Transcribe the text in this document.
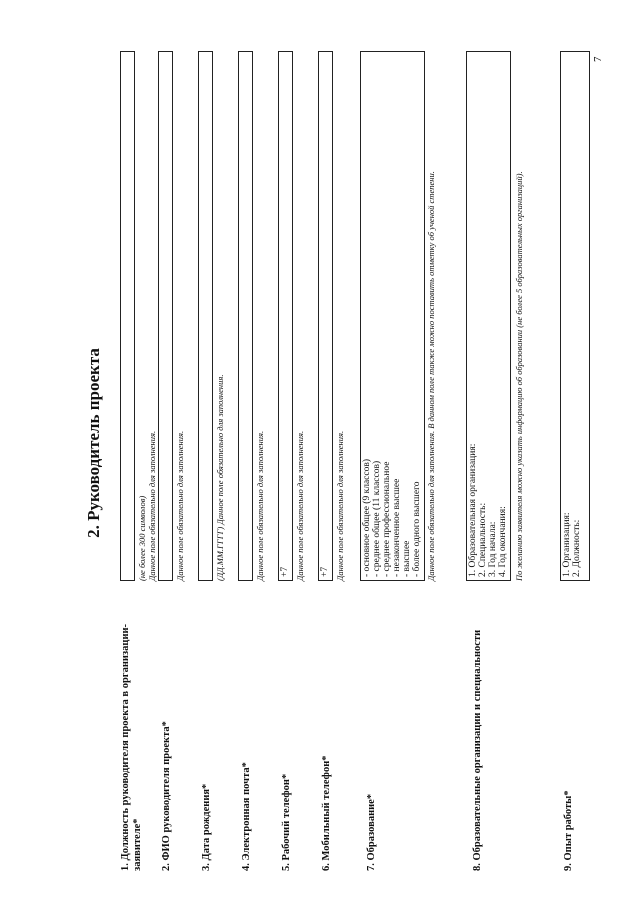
2. Руководитель проекта
7
1. Должность руководителя проекта в организации-заявителе*
(не более 300 символов) Данное поле обязательно для заполнения.
2. ФИО руководителя проекта*
Данное поле обязательно для заполнения.
3. Дата рождения*
(ДД.ММ.ГГГГ) Данное поле обязательно для заполнения.
4. Электронная почта*
Данное поле обязательно для заполнения.
5. Рабочий телефон*
+7 Данное поле обязательно для заполнения.
6. Мобильный телефон*
+7 Данное поле обязательно для заполнения.
7. Образование*
- основное общее (9 классов) - среднее общее (11 классов) - среднее профессиональное - незаконченное высшее - высшее - более одного высшего Данное поле обязательно для заполнения. В данном поле также можно поставить отметку об ученой степени.
8. Образовательные организации и специальности
1. Образовательная организация: 2. Специальность: 3. Год начала: 4. Год окончания: По желанию заявителя можно указать информацию об образовании (не более 5 образовательных организаций).
9. Опыт работы*
1. Организация: 2. Должность:
